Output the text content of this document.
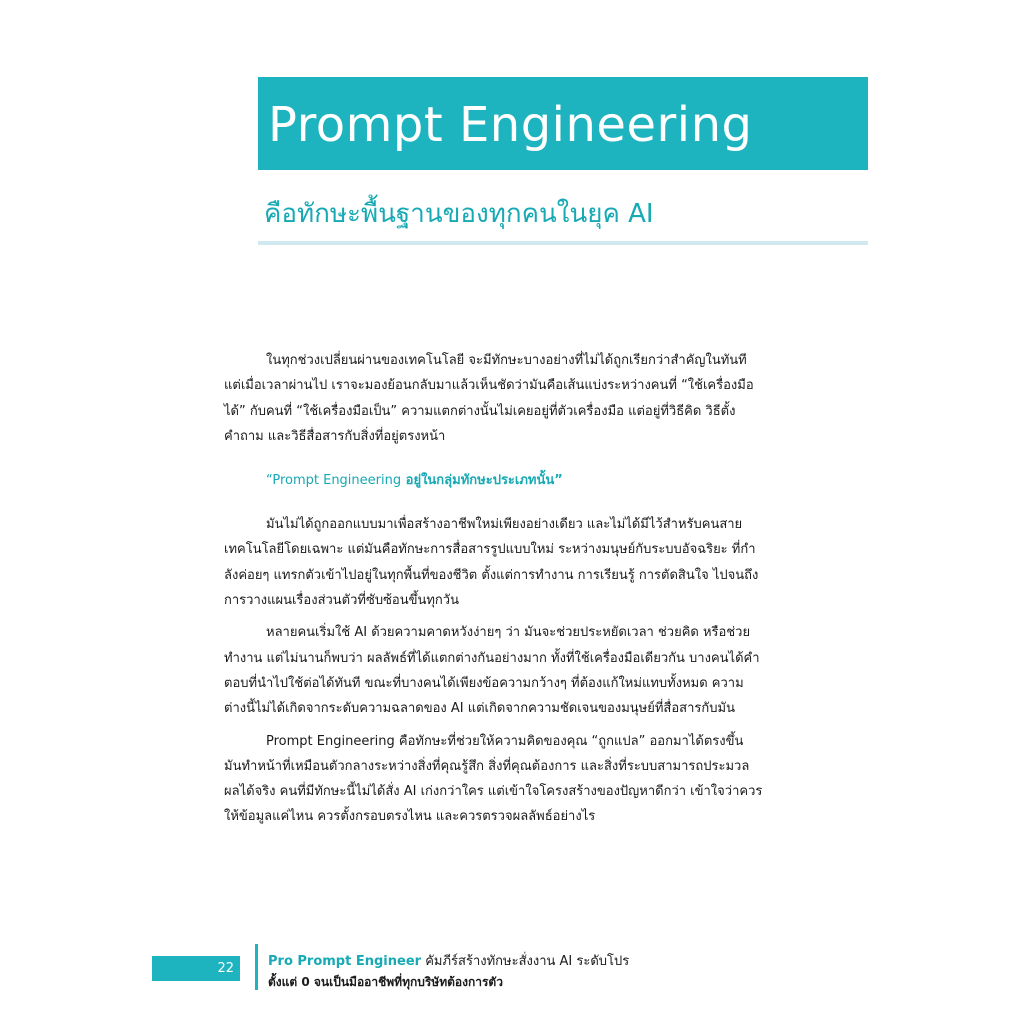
Prompt Engineering
คือทักษะพื้นฐานของทุกคนในยุค AI

ในทุกช่วงเปลี่ยนผ่านของเทคโนโลยี จะมีทักษะบางอย่างที่ไม่ได้ถูกเรียกว่าสำคัญในทันที แต่เมื่อเวลาผ่านไป เราจะมองย้อนกลับมาแล้วเห็นชัดว่ามันคือเส้นแบ่งระหว่างคนที่ “ใช้เครื่องมือได้” กับคนที่ “ใช้เครื่องมือเป็น” ความแตกต่างนั้นไม่เคยอยู่ที่ตัวเครื่องมือ แต่อยู่ที่วิธีคิด วิธีตั้งคำถาม และวิธีสื่อสารกับสิ่งที่อยู่ตรงหน้า

“Prompt Engineering อยู่ในกลุ่มทักษะประเภทนั้น”

มันไม่ได้ถูกออกแบบมาเพื่อสร้างอาชีพใหม่เพียงอย่างเดียว และไม่ได้มีไว้สำหรับคนสายเทคโนโลยีโดยเฉพาะ แต่มันคือทักษะการสื่อสารรูปแบบใหม่ ระหว่างมนุษย์กับระบบอัจฉริยะ ที่กำลังค่อยๆ แทรกตัวเข้าไปอยู่ในทุกพื้นที่ของชีวิต ตั้งแต่การทำงาน การเรียนรู้ การตัดสินใจ ไปจนถึงการวางแผนเรื่องส่วนตัวที่ซับซ้อนขึ้นทุกวัน

หลายคนเริ่มใช้ AI ด้วยความคาดหวังง่ายๆ ว่า มันจะช่วยประหยัดเวลา ช่วยคิด หรือช่วยทำงาน แต่ไม่นานก็พบว่า ผลลัพธ์ที่ได้แตกต่างกันอย่างมาก ทั้งที่ใช้เครื่องมือเดียวกัน บางคนได้คำตอบที่นำไปใช้ต่อได้ทันที ขณะที่บางคนได้เพียงข้อความกว้างๆ ที่ต้องแก้ใหม่แทบทั้งหมด ความต่างนี้ไม่ได้เกิดจากระดับความฉลาดของ AI แต่เกิดจากความชัดเจนของมนุษย์ที่สื่อสารกับมัน

Prompt Engineering คือทักษะที่ช่วยให้ความคิดของคุณ “ถูกแปล” ออกมาได้ตรงขึ้น มันทำหน้าที่เหมือนตัวกลางระหว่างสิ่งที่คุณรู้สึก สิ่งที่คุณต้องการ และสิ่งที่ระบบสามารถประมวลผลได้จริง คนที่มีทักษะนี้ไม่ได้สั่ง AI เก่งกว่าใคร แต่เข้าใจโครงสร้างของปัญหาดีกว่า เข้าใจว่าควรให้ข้อมูลแค่ไหน ควรตั้งกรอบตรงไหน และควรตรวจผลลัพธ์อย่างไร

22	Pro Prompt Engineer คัมภีร์สร้างทักษะสั่งงาน AI ระดับโปร
ตั้งแต่ 0 จนเป็นมืออาชีพที่ทุกบริษัทต้องการตัว
